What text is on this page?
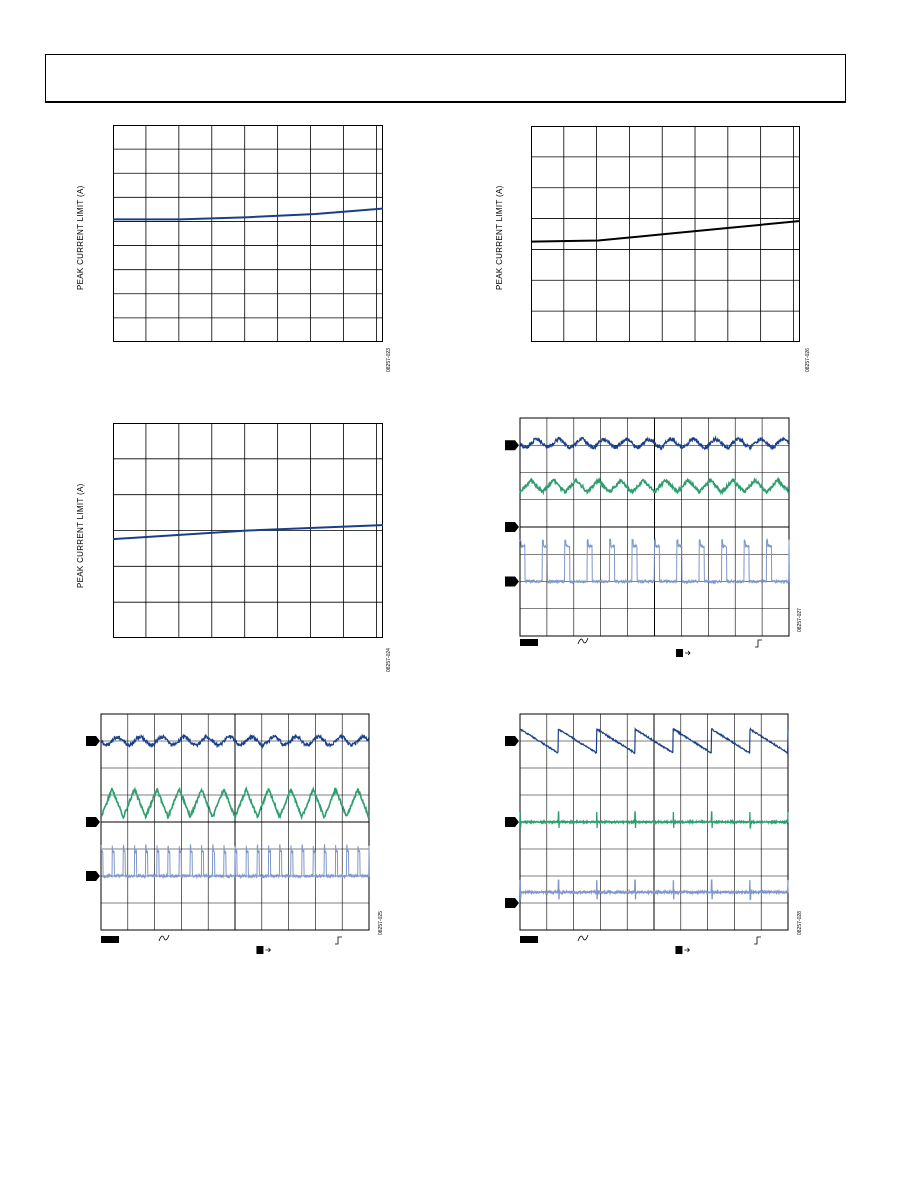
PEAK CURRENT LIMIT (A)
08257-023
PEAK CURRENT LIMIT (A)
08257-026
PEAK CURRENT LIMIT (A)
08257-024
08257-027
08257-025	08257-028
